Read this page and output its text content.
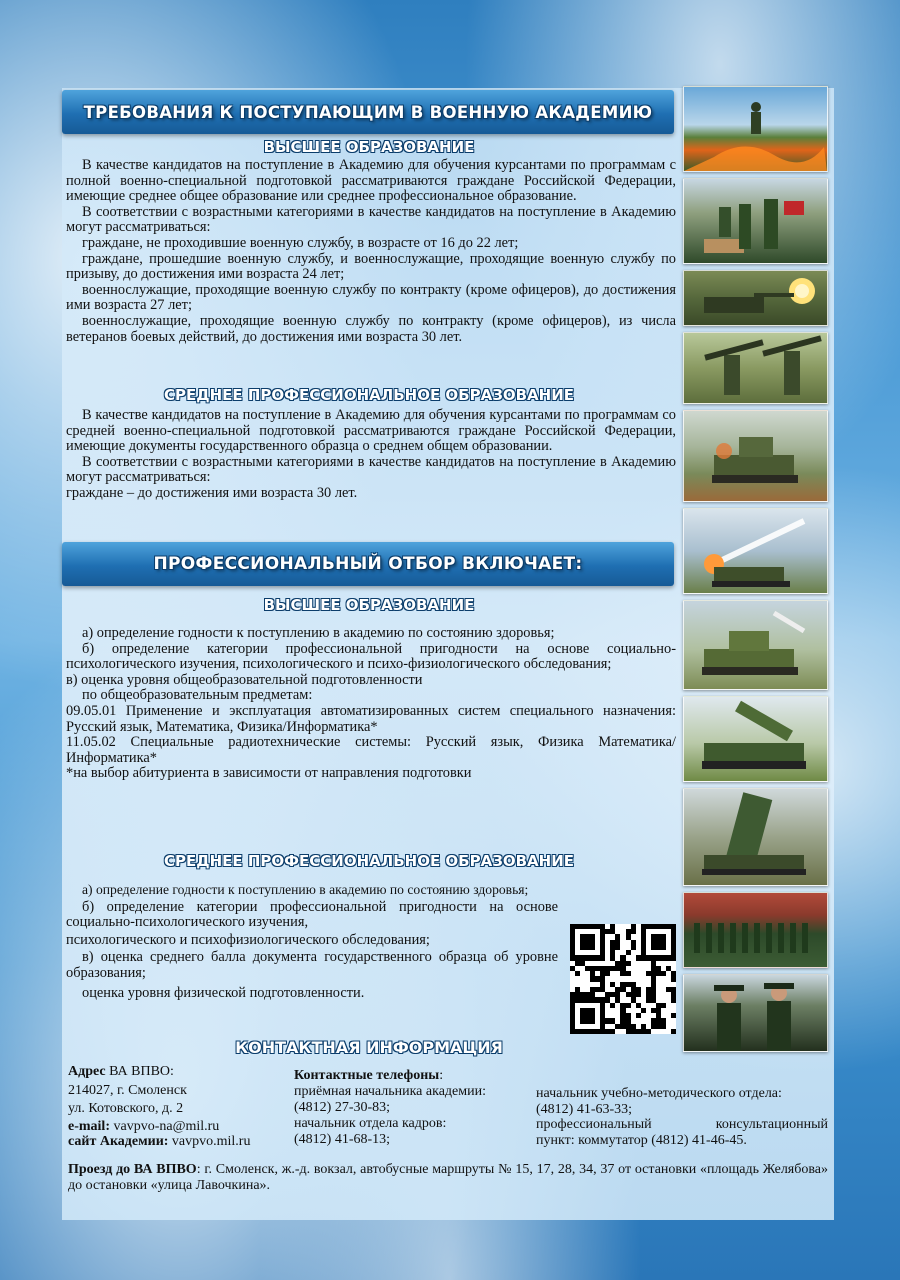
ТРЕБОВАНИЯ К ПОСТУПАЮЩИМ В ВОЕННУЮ АКАДЕМИЮ
ВЫСШЕЕ ОБРАЗОВАНИЕ

В качестве кандидатов на поступление в Академию для обучения курсантами по программам с полной военно-специальной подготовкой рассматриваются граждане Российской Федерации, имеющие среднее общее образование или среднее профессиональное образование.

В соответствии с возрастными категориями в качестве кандидатов на поступление в Академию могут рассматриваться:

граждане, не проходившие военную службу, в возрасте от 16 до 22 лет;

граждане, прошедшие военную службу, и военнослужащие, проходящие военную службу по призыву, до достижения ими возраста 24 лет;

военнослужащие, проходящие военную службу по контракту (кроме офицеров), до достижения ими возраста 27 лет;

военнослужащие, проходящие военную службу по контракту (кроме офицеров), из числа ветеранов боевых действий, до достижения ими возраста 30 лет.

СРЕДНЕЕ ПРОФЕССИОНАЛЬНОЕ ОБРАЗОВАНИЕ

В качестве кандидатов на поступление в Академию для обучения курсантами по программам со средней военно-специальной подготовкой рассматриваются граждане Российской Федерации, имеющие документы государственного образца о среднем общем образовании.

В соответствии с возрастными категориями в качестве кандидатов на поступление в Академию могут рассматриваться:

граждане – до достижения ими возраста 30 лет.

ПРОФЕССИОНАЛЬНЫЙ ОТБОР ВКЛЮЧАЕТ:
ВЫСШЕЕ ОБРАЗОВАНИЕ

а) определение годности к поступлению в академию по состоянию здоровья;

б) определение категории профессиональной пригодности на основе социально-психологического изучения, психологического и психо-физиологического обследования;

в) оценка уровня общеобразовательной подготовленности

по общеобразовательным предметам:

09.05.01 Применение и эксплуатация автоматизированных систем специального назначения: Русский язык, Математика, Физика/Информатика*

11.05.02 Специальные радиотехнические системы: Русский язык, Физика Математика/ Информатика*

*на выбор абитуриента в зависимости от направления подготовки

СРЕДНЕЕ ПРОФЕССИОНАЛЬНОЕ ОБРАЗОВАНИЕ

а) определение годности к поступлению в академию по состоянию здоровья;

б) определение категории профессиональной пригодности на основе социально-психологического изучения,

психологического и психофизиологического обследования;

в) оценка среднего балла документа государственного образца об уровне образования;

оценка уровня физической подготовленности.

КОНТАКТНАЯ ИНФОРМАЦИЯ
Адрес ВА ВПВО:
214027, г. Смоленск
ул. Котовского, д. 2
e-mail: vavpvo-na@mil.ru
сайт Академии: vavpvo.mil.ru
Контактные телефоны:
приёмная начальника академии:
(4812) 27-30-83;
начальник отдела кадров:
(4812) 41-68-13;
начальник учебно-методического отдела:
(4812) 41-63-33;
профессиональный консультационный
пункт: коммутатор (4812) 41-46-45.
Проезд до ВА ВПВО: г. Смоленск, ж.-д. вокзал, автобусные маршруты № 15, 17, 28, 34, 37 от остановки «площадь Желябова» до остановки «улица Лавочкина».
